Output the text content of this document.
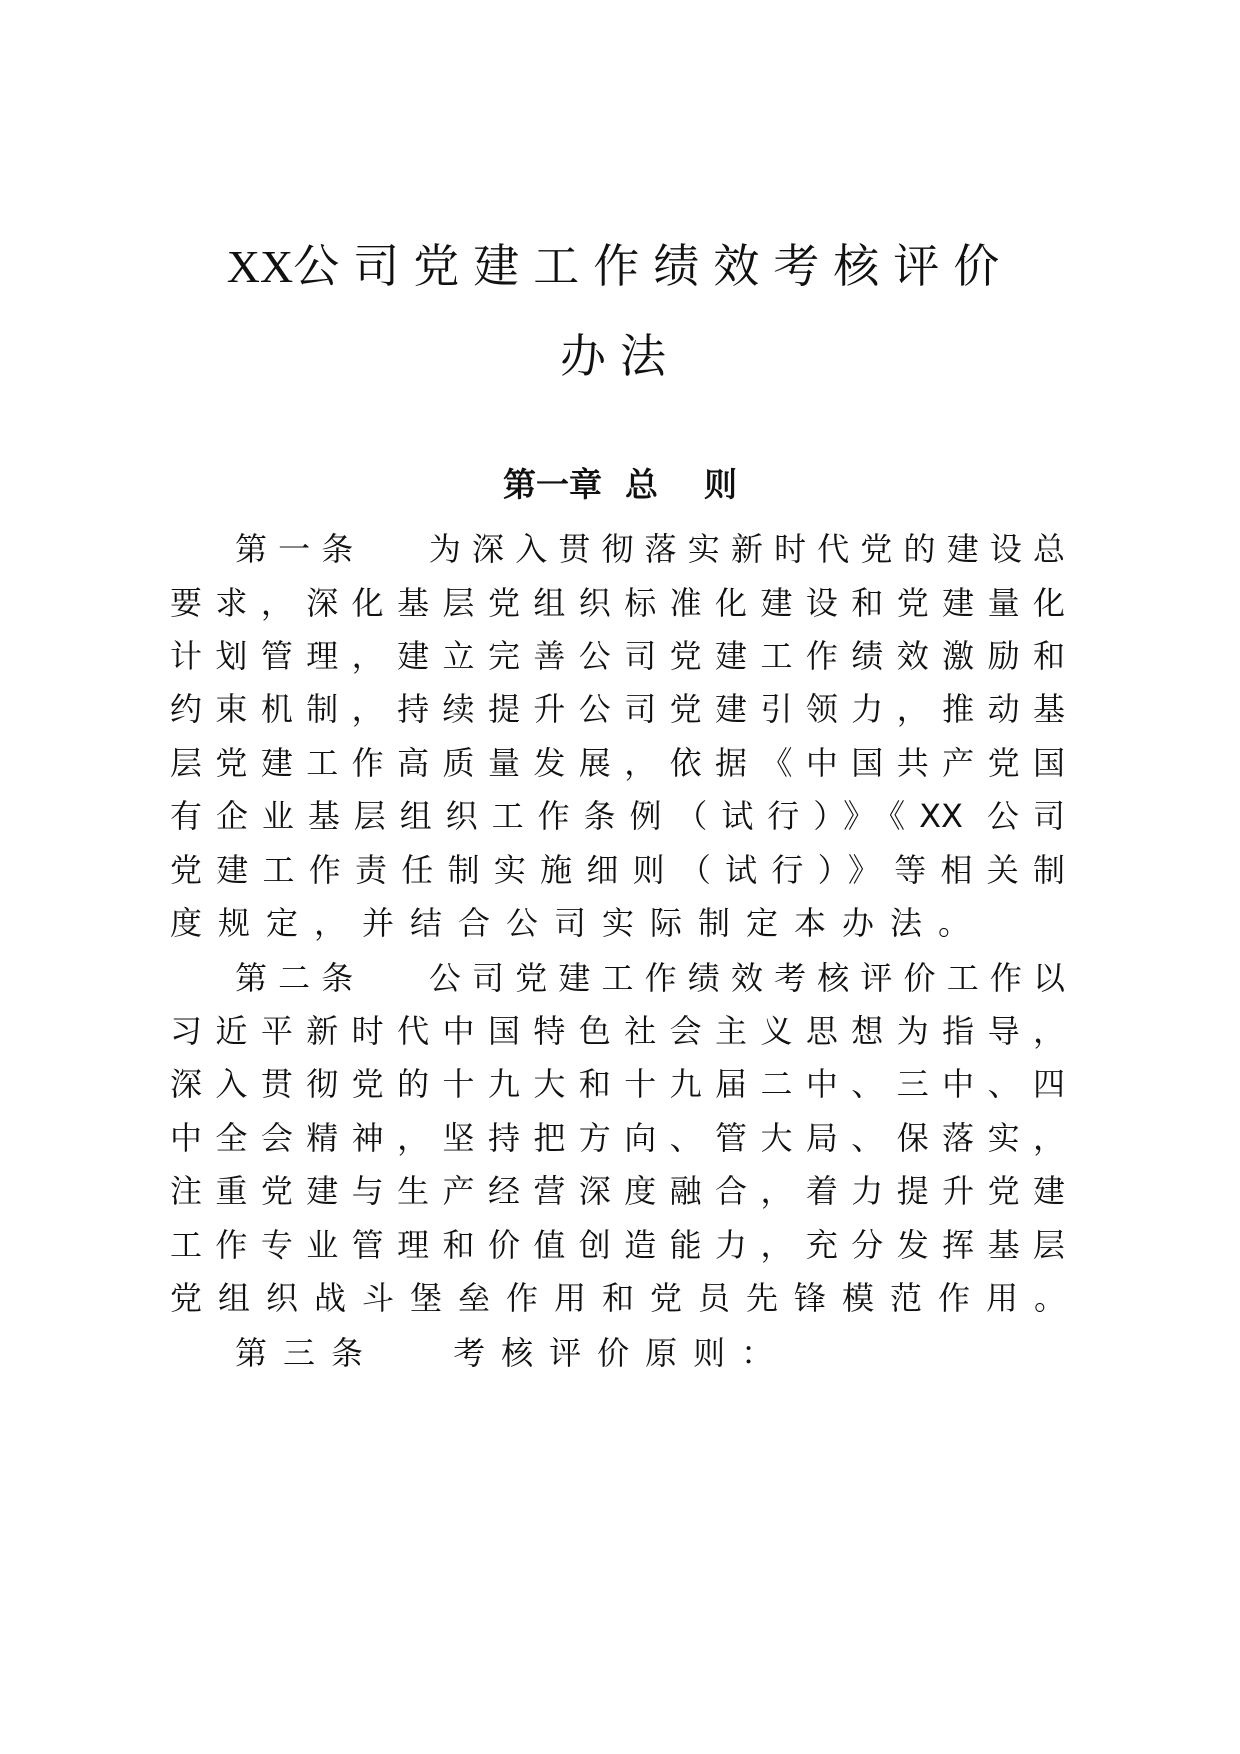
XX公司党建工作绩效考核评价
办法
第一章  总    则
第一条　 为深入贯彻落实新时代党的建设总
要求，深化基层党组织标准化建设和党建量化
计划管理，建立完善公司党建工作绩效激励和
约束机制，持续提升公司党建引领力，推动基
层党建工作高质量发展，依据《中国共产党国
有企业基层组织工作条例（试行）》《XX 公司
党建工作责任制实施细则（试行）》等相关制
度规定，并结合公司实际制定本办法。
第二条　 公司党建工作绩效考核评价工作以
习近平新时代中国特色社会主义思想为指导，
深入贯彻党的十九大和十九届二中、三中、四
中全会精神，坚持把方向、管大局、保落实，
注重党建与生产经营深度融合，着力提升党建
工作专业管理和价值创造能力，充分发挥基层
党组织战斗堡垒作用和党员先锋模范作用。
第三条　 考核评价原则：
